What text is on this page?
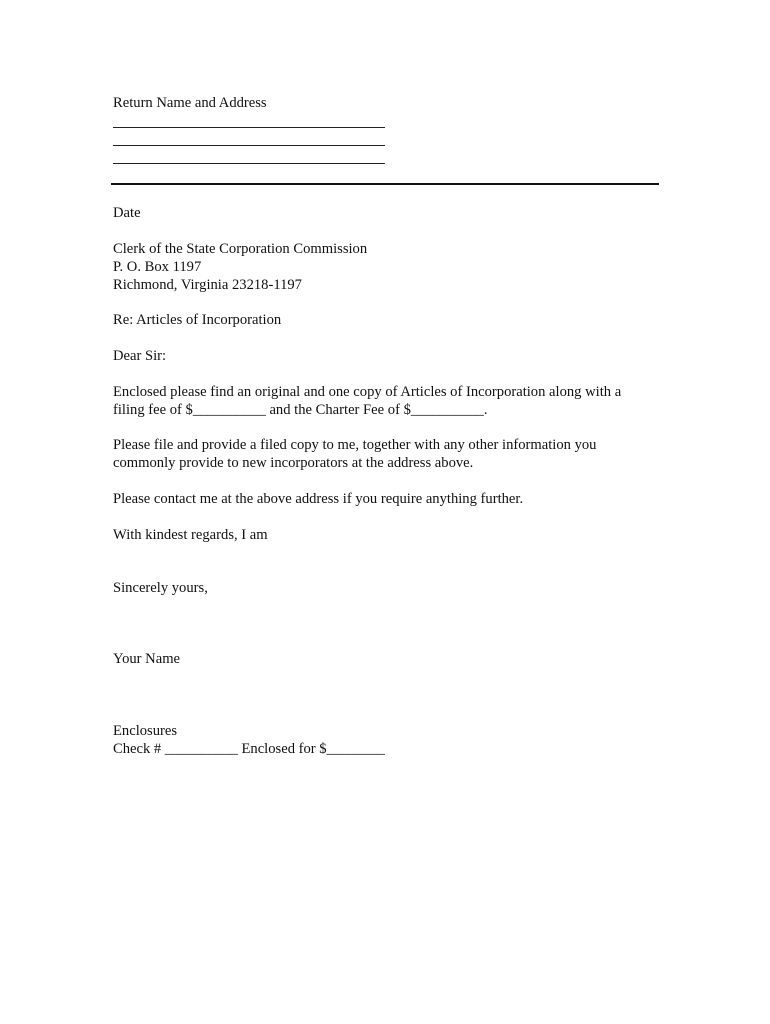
Return Name and Address
Date
Clerk of the State Corporation Commission
P. O. Box 1197
Richmond, Virginia 23218-1197
Re: Articles of Incorporation
Dear Sir:
Enclosed please find an original and one copy of Articles of Incorporation along with a
filing fee of $__________ and the Charter Fee of $__________.
Please file and provide a filed copy to me, together with any other information you
commonly provide to new incorporators at the address above.
Please contact me at the above address if you require anything further.
With kindest regards, I am
Sincerely yours,
Your Name
Enclosures
Check # __________ Enclosed for $________
